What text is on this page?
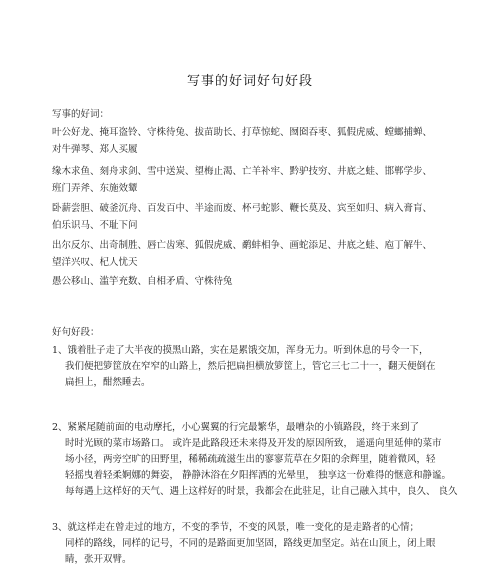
写事的好词好句好段
写事的好词：
叶公好龙、掩耳盗铃、守株待兔、拔苗助长、打草惊蛇、囫囵吞枣、狐假虎威、螳螂捕蝉、
对牛弹琴、郑人买履
缘木求鱼、刻舟求剑、雪中送炭、望梅止渴、亡羊补牢、黔驴技穷、井底之蛙、邯郸学步、
班门弄斧、东施效颦
卧薪尝胆、破釜沉舟、百发百中、半途而废、杯弓蛇影、鞭长莫及、宾至如归、病入膏肓、
伯乐识马、不耻下问
出尔反尔、出奇制胜、唇亡齿寒、狐假虎威、鹬蚌相争、画蛇添足、井底之蛙、庖丁解牛、
望洋兴叹、杞人忧天
愚公移山、滥竽充数、自相矛盾、守株待兔
好句好段：
1、饿着肚子走了大半夜的摸黑山路，实在是累饿交加，浑身无力。听到休息的号令一下，
我们便把箩筐放在窄窄的山路上，然后把扁担横放箩筐上，管它三七二十一，翻天便倒在
扁担上，酣然睡去。
2、紧紧尾随前面的电动摩托，小心翼翼的行完最繁华，最嘈杂的小镇路段，终于来到了
时时光顾的菜市场路口。 或许是此路段还未来得及开发的原因所致， 遥遥向里延伸的菜市
场小径，两旁空旷的田野里，稀稀疏疏滋生出的寥寥荒草在夕阳的余辉里，随着微风，轻
轻摇曳着轻柔婀娜的舞姿， 静静沐浴在夕阳挥洒的光晕里， 独享这一份难得的惬意和静谧。
每每遇上这样好的天气、遇上这样好的时景，我都会在此驻足，让自己融入其中，良久、 良久
3、就这样走在曾走过的地方，不变的季节，不变的风景，唯一变化的是走路者的心情；
同样的路线，同样的记号，不同的是路面更加坚固，路线更加坚定。站在山顶上，闭上眼
睛，张开双臂。
